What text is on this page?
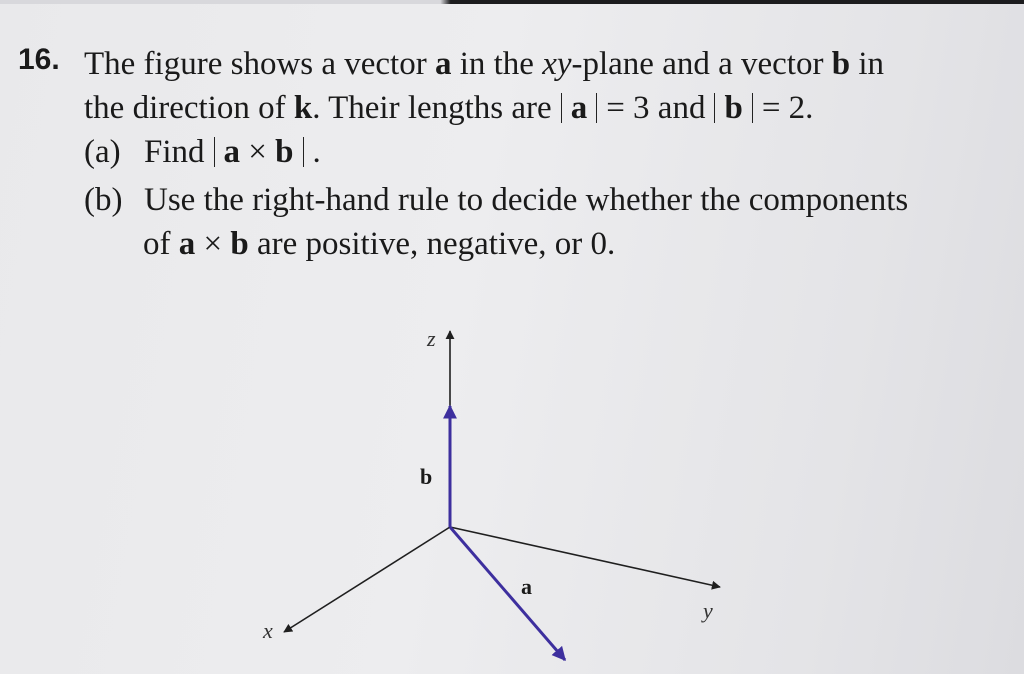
16. The figure shows a vector a in the xy-plane and a vector b in
the direction of k. Their lengths are a = 3 and b = 2.
(a) Find a × b .
(b) Use the right-hand rule to decide whether the components
of a × b are positive, negative, or 0.
z
x
y
b
a
